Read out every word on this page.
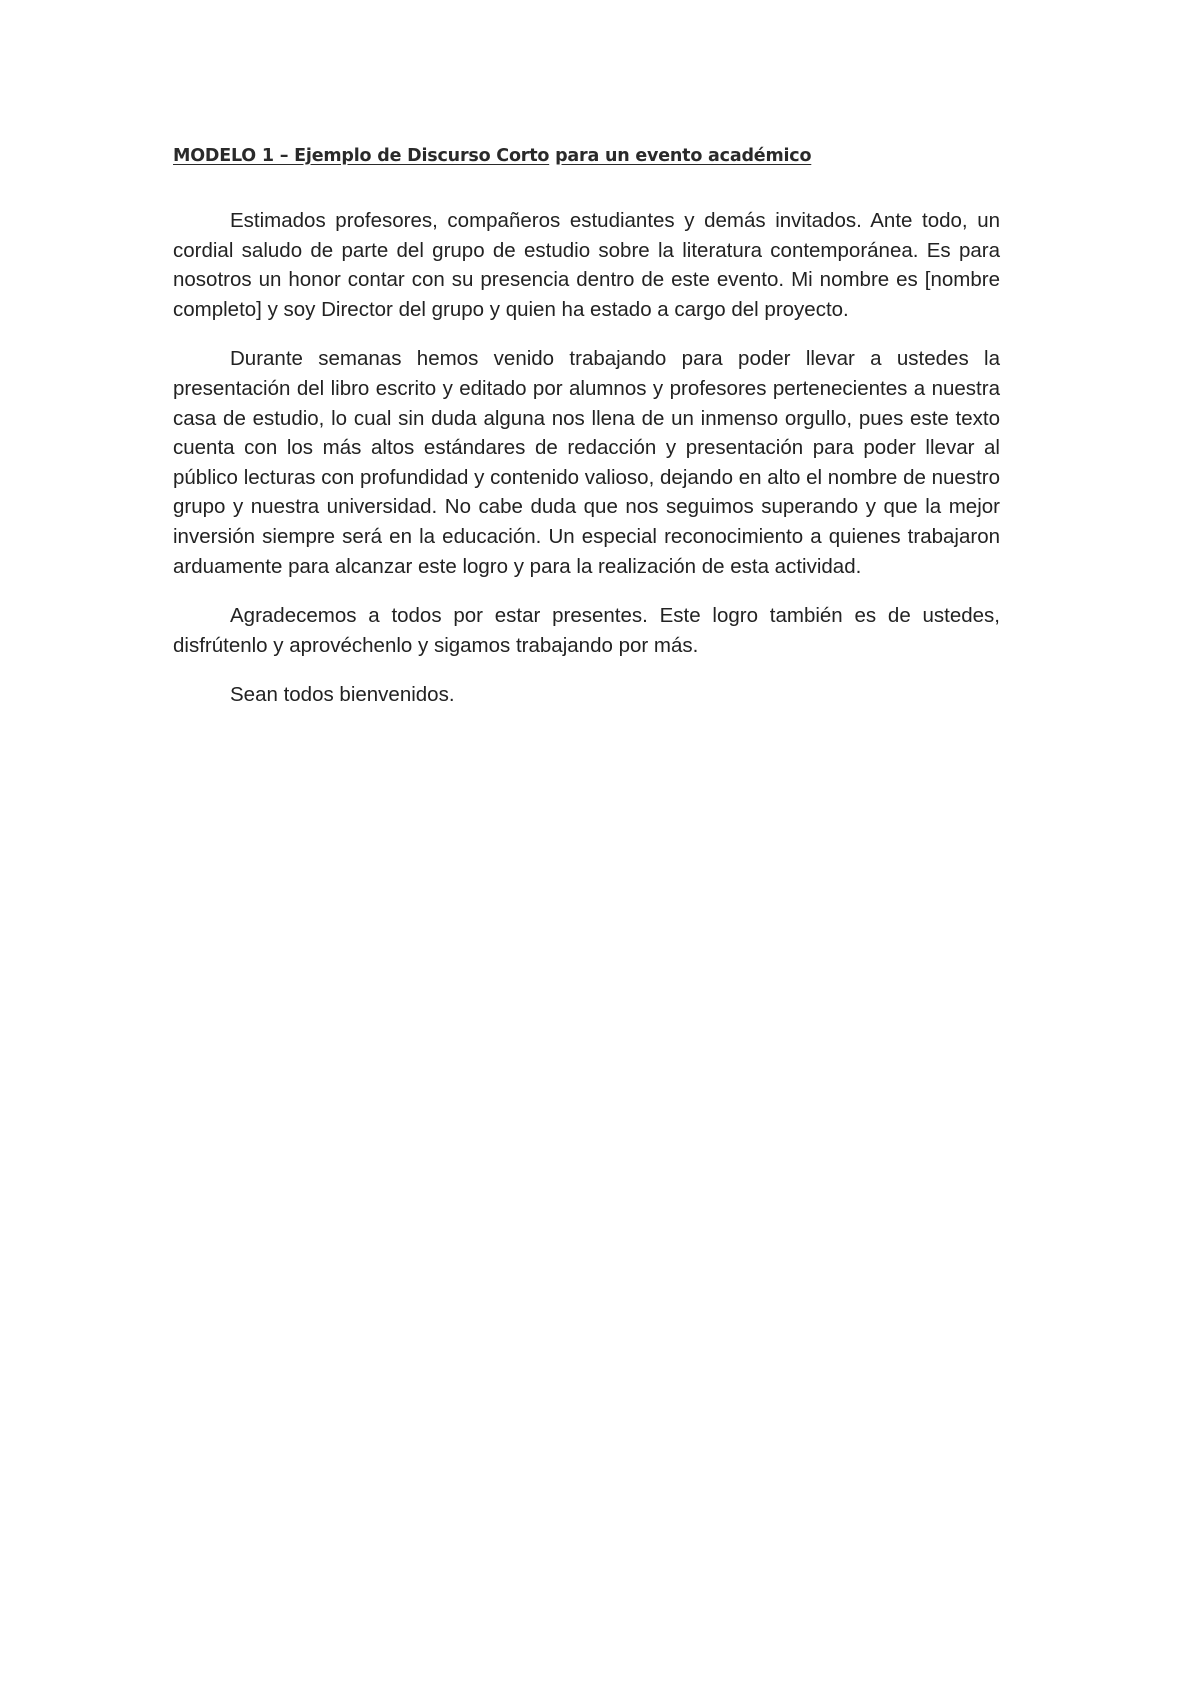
MODELO 1 – Ejemplo de Discurso Corto para un evento académico

Estimados profesores, compañeros estudiantes y demás invitados. Ante todo, un cordial saludo de parte del grupo de estudio sobre la literatura contemporánea. Es para nosotros un honor contar con su presencia dentro de este evento. Mi nombre es [nombre completo] y soy Director del grupo y quien ha estado a cargo del proyecto.

Durante semanas hemos venido trabajando para poder llevar a ustedes la presentación del libro escrito y editado por alumnos y profesores pertenecientes a nuestra casa de estudio, lo cual sin duda alguna nos llena de un inmenso orgullo, pues este texto cuenta con los más altos estándares de redacción y presentación para poder llevar al público lecturas con profundidad y contenido valioso, dejando en alto el nombre de nuestro grupo y nuestra universidad. No cabe duda que nos seguimos superando y que la mejor inversión siempre será en la educación. Un especial reconocimiento a quienes trabajaron arduamente para alcanzar este logro y para la realización de esta actividad.

Agradecemos a todos por estar presentes. Este logro también es de ustedes, disfrútenlo y aprovéchenlo y sigamos trabajando por más.

Sean todos bienvenidos.
